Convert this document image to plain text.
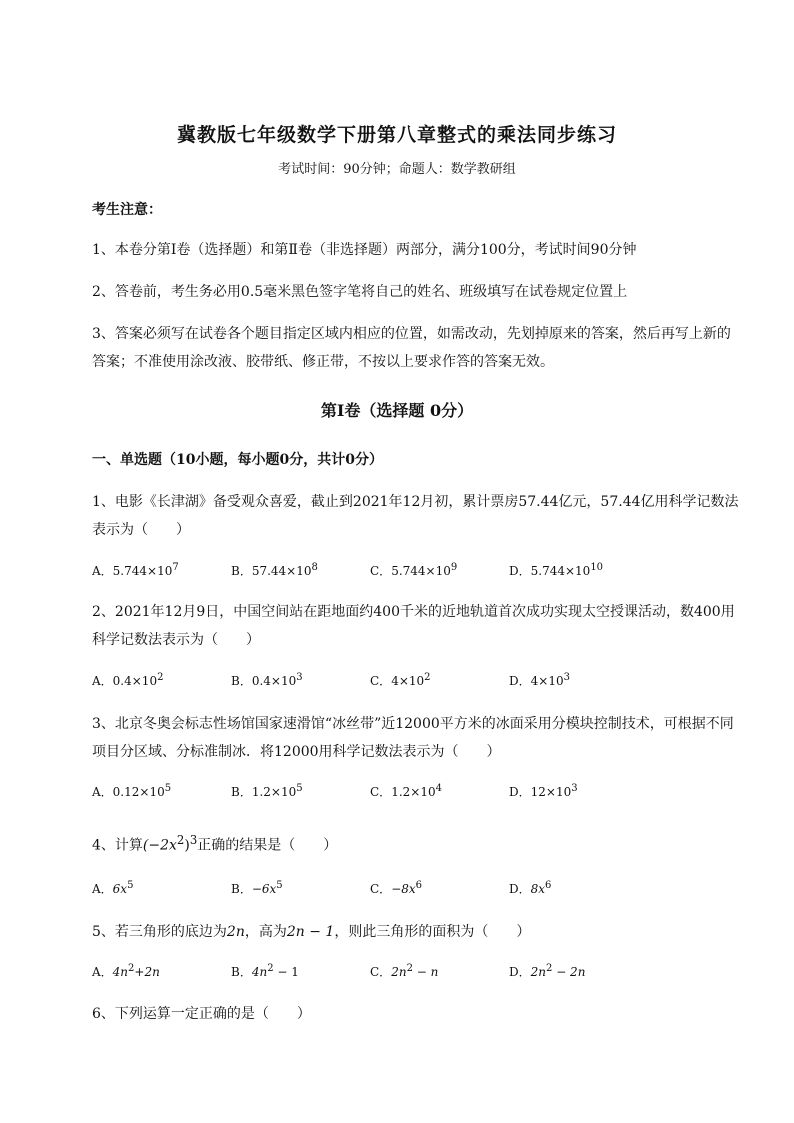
冀教版七年级数学下册第八章整式的乘法同步练习
考试时间：90分钟；命题人：数学教研组
考生注意：
1、本卷分第Ⅰ卷（选择题）和第Ⅱ卷（非选择题）两部分，满分100分，考试时间90分钟
2、答卷前，考生务必用0.5毫米黑色签字笔将自己的姓名、班级填写在试卷规定位置上
3、答案必须写在试卷各个题目指定区域内相应的位置，如需改动，先划掉原来的答案，然后再写上新的答案；不准使用涂改液、胶带纸、修正带，不按以上要求作答的答案无效。
第Ⅰ卷（选择题 0分）
一、单选题（10小题，每小题0分，共计0分）
1、电影《长津湖》备受观众喜爱，截止到2021年12月初，累计票房57.44亿元，57.44亿用科学记数法表示为（　　）
A．$5.744\times 10^7$	B．$57.44\times 10^8$	C．$5.744\times 10^9$	D．$5.744\times 10^{10}$
2、2021年12月9日，中国空间站在距地面约400千米的近地轨道首次成功实现太空授课活动，数400用科学记数法表示为（　　）
A．$0.4\times 10^2$	B．$0.4\times 10^3$	C．$4\times 10^2$	D．$4\times 10^3$
3、北京冬奥会标志性场馆国家速滑馆“冰丝带”近12000平方米的冰面采用分模块控制技术，可根据不同项目分区域、分标准制冰．将12000用科学记数法表示为（　　）
A．$0.12\times 10^5$	B．$1.2\times 10^5$	C．$1.2\times 10^4$	D．$12\times 10^3$
4、计算$(-2x^2)^3$正确的结果是（　　）
A．$6x^5$	B．$-6x^5$	C．$-8x^6$	D．$8x^6$
5、若三角形的底边为2n，高为2n − 1，则此三角形的面积为（　　）
A．$4n^2+2n$	B．$4n^2 - 1$	C．$2n^2 - n$	D．$2n^2 - 2n$
6、下列运算一定正确的是（　　）
